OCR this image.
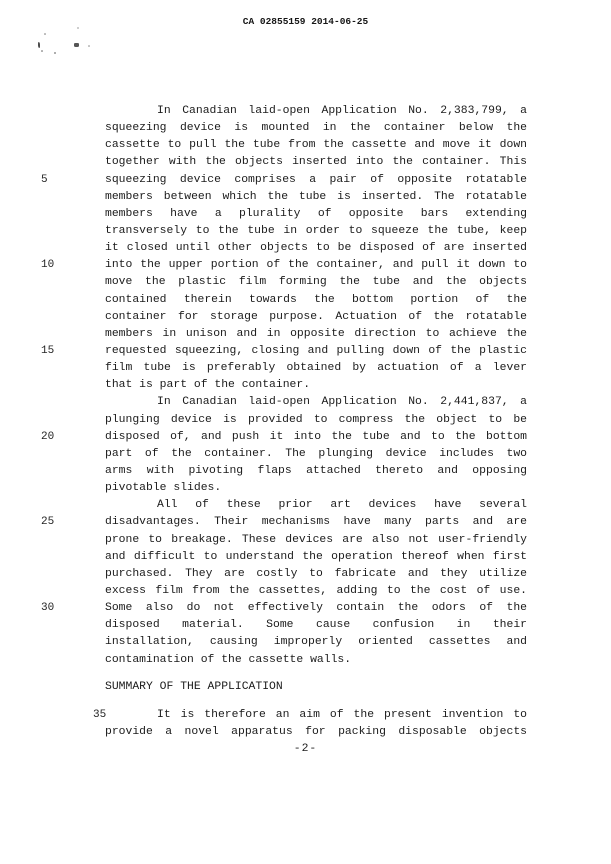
CA 02855159 2014-06-25
In Canadian laid-open Application No. 2,383,799, a
squeezing device is mounted in the container below the
cassette to pull the tube from the cassette and move it down
together with the objects inserted into the container. This
5	squeezing device comprises a pair of opposite rotatable
members between which the tube is inserted. The rotatable
members have a plurality of opposite bars extending
transversely to the tube in order to squeeze the tube, keep
it closed until other objects to be disposed of are inserted
10	into the upper portion of the container, and pull it down to
move the plastic film forming the tube and the objects
contained therein towards the bottom portion of the
container for storage purpose. Actuation of the rotatable
members in unison and in opposite direction to achieve the
15	requested squeezing, closing and pulling down of the plastic
film tube is preferably obtained by actuation of a lever
that is part of the container.
In Canadian laid-open Application No. 2,441,837, a
plunging device is provided to compress the object to be
20	disposed of, and push it into the tube and to the bottom
part of the container. The plunging device includes two
arms with pivoting flaps attached thereto and opposing
pivotable slides.
All of these prior art devices have several
25	disadvantages. Their mechanisms have many parts and are
prone to breakage. These devices are also not user-friendly
and difficult to understand the operation thereof when first
purchased. They are costly to fabricate and they utilize
excess film from the cassettes, adding to the cost of use.
30	Some also do not effectively contain the odors of the
disposed material. Some cause confusion in their
installation, causing improperly oriented cassettes and
contamination of the cassette walls.
SUMMARY OF THE APPLICATION
35	It is therefore an aim of the present invention to
provide a novel apparatus for packing disposable objects
-2-
